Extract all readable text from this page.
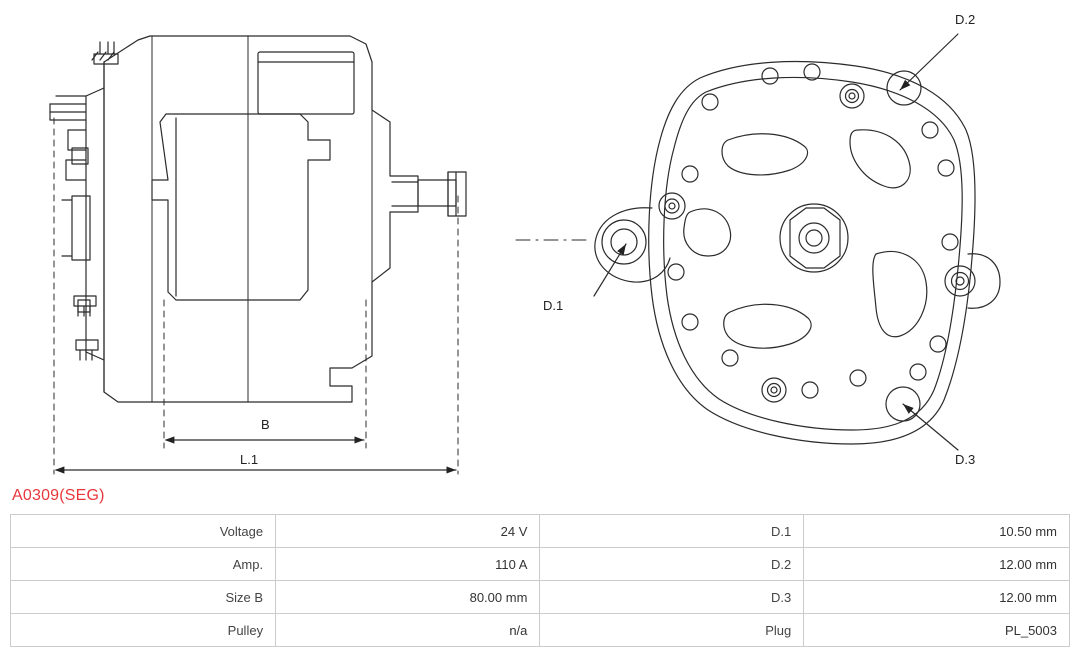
B
L.1
D.1
D.2
D.3
A0309(SEG)
Voltage	24 V	D.1	10.50 mm
Amp.	110 A	D.2	12.00 mm
Size B	80.00 mm	D.3	12.00 mm
Pulley	n/a	Plug	PL_5003
